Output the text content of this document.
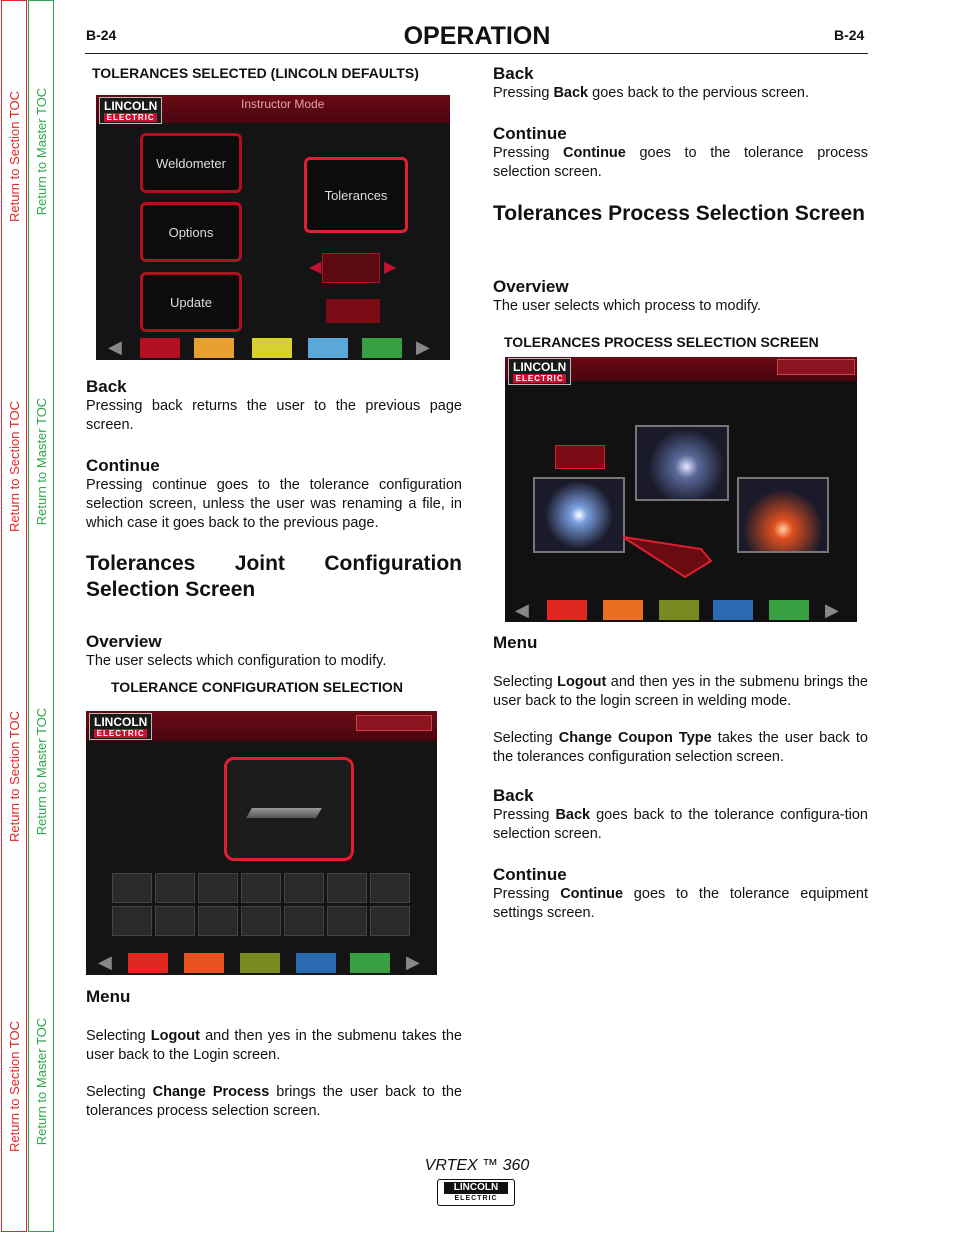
Return to Section TOC
Return to Section TOC
Return to Section TOC
Return to Section TOC
Return to Master TOC
Return to Master TOC
Return to Master TOC
Return to Master TOC
B-24	OPERATION	B-24
TOLERANCES SELECTED (LINCOLN DEFAULTS)
LINCOLN
ELECTRIC
Instructor Mode
Weldometer
Options
Update
Tolerances
◀	▶
◀	▶
Back

Pressing back returns the user to the previous page screen.

Continue

Pressing continue goes to the tolerance configuration selection screen, unless the user was renaming a file, in which case it goes back to the previous page.

Tolerances Joint Configuration Selection Screen
Overview

The user selects which configuration to modify.

TOLERANCE CONFIGURATION SELECTION
LINCOLN
ELECTRIC
◀	▶
Menu

Selecting Logout and then yes in the submenu takes the user back to the Login screen.

Selecting Change Process brings the user back to the tolerances process selection screen.

Back

Pressing Back goes back to the pervious screen.

Continue

Pressing Continue goes to the tolerance process selection screen.

Tolerances Process Selection Screen
Overview

The user selects which process to modify.

TOLERANCES PROCESS SELECTION SCREEN
LINCOLN
ELECTRIC
◀	▶
Menu

Selecting Logout and then yes in the submenu brings the user back to the login screen in welding mode.

Selecting Change Coupon Type takes the user back to the tolerances configuration selection screen.

Back

Pressing Back goes back to the tolerance configura-tion selection screen.

Continue

Pressing Continue goes to the tolerance equipment settings screen.

VRTEX ™ 360
LINCOLN
ELECTRIC
